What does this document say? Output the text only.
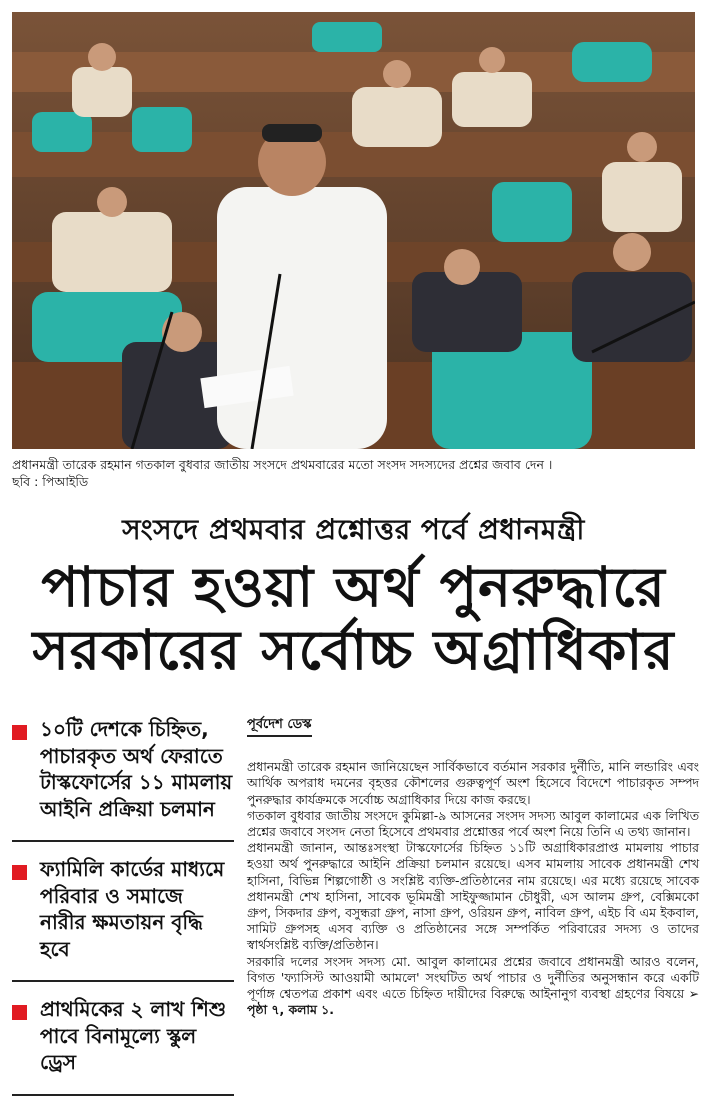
প্রধানমন্ত্রী তারেক রহমান গতকাল বুধবার জাতীয় সংসদে প্রথমবারের মতো সংসদ সদস্যদের প্রশ্নের জবাব দেন ।
ছবি : পিআইডি
সংসদে প্রথমবার প্রশ্নোত্তর পর্বে প্রধানমন্ত্রী
পাচার হওয়া অর্থ পুনরুদ্ধারে
সরকারের সর্বোচ্চ অগ্রাধিকার
১০টি দেশকে চিহ্নিত, পাচারকৃত অর্থ ফেরাতে টাস্কফোর্সের ১১ মামলায় আইনি প্রক্রিয়া চলমান
ফ্যামিলি কার্ডের মাধ্যমে পরিবার ও সমাজে নারীর ক্ষমতায়ন বৃদ্ধি হবে
প্রাথমিকের ২ লাখ শিশু পাবে বিনামূল্যে স্কুল ড্রেস
পূর্বদেশ ডেস্ক

প্রধানমন্ত্রী তারেক রহমান জানিয়েছেন সার্বিকভাবে বর্তমান সরকার দুর্নীতি, মানি লন্ডারিং এবং আর্থিক অপরাধ দমনের বৃহত্তর কৌশলের গুরুত্বপূর্ণ অংশ হিসেবে বিদেশে পাচারকৃত সম্পদ পুনরুদ্ধার কার্যক্রমকে সর্বোচ্চ অগ্রাধিকার দিয়ে কাজ করছে।

গতকাল বুধবার জাতীয় সংসদে কুমিল্লা-৯ আসনের সংসদ সদস্য আবুল কালামের এক লিখিত প্রশ্নের জবাবে সংসদ নেতা হিসেবে প্রথমবার প্রশ্নোত্তর পর্বে অংশ নিয়ে তিনি এ তথ্য জানান।

প্রধানমন্ত্রী জানান, আন্তঃসংস্থা টাস্কফোর্সের চিহ্নিত ১১টি অগ্রাধিকারপ্রাপ্ত মামলায় পাচার হওয়া অর্থ পুনরুদ্ধারে আইনি প্রক্রিয়া চলমান রয়েছে। এসব মামলায় সাবেক প্রধানমন্ত্রী শেখ হাসিনা, বিভিন্ন শিল্পগোষ্ঠী ও সংশ্লিষ্ট ব্যক্তি-প্রতিষ্ঠানের নাম রয়েছে। এর মধ্যে রয়েছে সাবেক প্রধানমন্ত্রী শেখ হাসিনা, সাবেক ভূমিমন্ত্রী সাইফুজ্জামান চৌধুরী, এস আলম গ্রুপ, বেক্সিমকো গ্রুপ, সিকদার গ্রুপ, বসুন্ধরা গ্রুপ, নাসা গ্রুপ, ওরিয়ন গ্রুপ, নাবিল গ্রুপ, এইচ বি এম ইকবাল, সামিট গ্রুপসহ এসব ব্যক্তি ও প্রতিষ্ঠানের সঙ্গে সম্পর্কিত পরিবারের সদস্য ও তাদের স্বার্থসংশ্লিষ্ট ব্যক্তি/প্রতিষ্ঠান।

সরকারি দলের সংসদ সদস্য মো. আবুল কালামের প্রশ্নের জবাবে প্রধানমন্ত্রী আরও বলেন, বিগত 'ফ্যাসিস্ট আওয়ামী আমলে' সংঘটিত অর্থ পাচার ও দুর্নীতির অনুসন্ধান করে একটি পূর্ণাঙ্গ শ্বেতপত্র প্রকাশ এবং এতে চিহ্নিত দায়ীদের বিরুদ্ধে আইনানুগ ব্যবস্থা গ্রহণের বিষয়ে ➢ পৃষ্ঠা ৭, কলাম ১.
